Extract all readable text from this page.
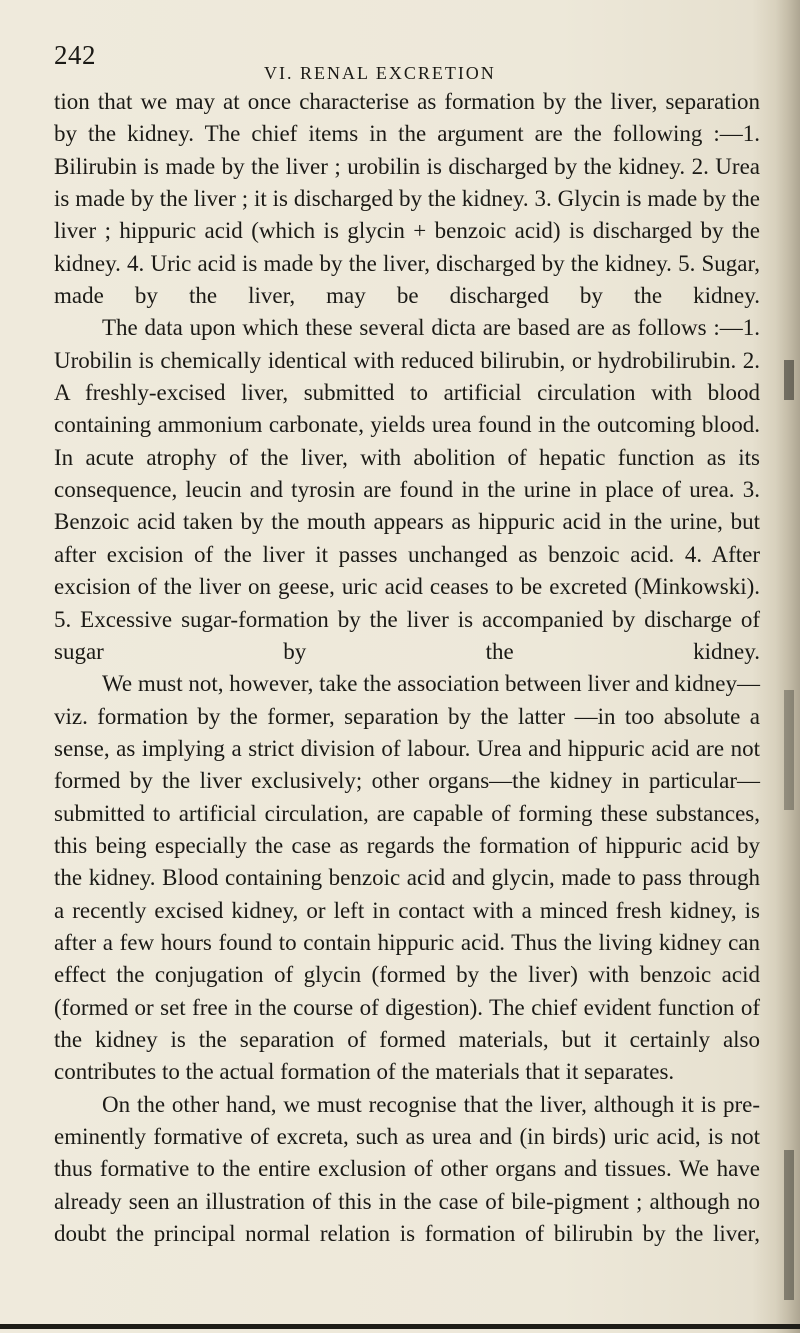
242
VI. RENAL EXCRETION

tion that we may at once characterise as formation by the liver, separation by the kidney. The chief items in the argument are the following :—1. Bilirubin is made by the liver ; urobilin is discharged by the kidney. 2. Urea is made by the liver ; it is discharged by the kidney. 3. Glycin is made by the liver ; hippuric acid (which is glycin + benzoic acid) is discharged by the kidney. 4. Uric acid is made by the liver, discharged by the kidney. 5. Sugar, made by the liver, may be discharged by the kidney.

The data upon which these several dicta are based are as follows :—1. Urobilin is chemically identical with reduced bilirubin, or hydrobilirubin. 2. A freshly-excised liver, submitted to artificial circulation with blood containing ammonium carbonate, yields urea found in the outcoming blood. In acute atrophy of the liver, with abolition of hepatic function as its consequence, leucin and tyrosin are found in the urine in place of urea. 3. Benzoic acid taken by the mouth appears as hippuric acid in the urine, but after excision of the liver it passes unchanged as benzoic acid. 4. After excision of the liver on geese, uric acid ceases to be excreted (Minkowski). 5. Excessive sugar-formation by the liver is accompanied by discharge of sugar by the kidney.

We must not, however, take the association between liver and kidney—viz. formation by the former, separation by the latter —in too absolute a sense, as implying a strict division of labour. Urea and hippuric acid are not formed by the liver exclusively; other organs—the kidney in particular—submitted to artificial circulation, are capable of forming these substances, this being especially the case as regards the formation of hippuric acid by the kidney. Blood containing benzoic acid and glycin, made to pass through a recently excised kidney, or left in contact with a minced fresh kidney, is after a few hours found to contain hippuric acid. Thus the living kidney can effect the conjugation of glycin (formed by the liver) with benzoic acid (formed or set free in the course of digestion). The chief evident function of the kidney is the separation of formed materials, but it certainly also contributes to the actual formation of the materials that it separates.

On the other hand, we must recognise that the liver, although it is pre-eminently formative of excreta, such as urea and (in birds) uric acid, is not thus formative to the entire exclusion of other organs and tissues. We have already seen an illustration of this in the case of bile-pigment ; although no doubt the principal normal relation is formation of bilirubin by the liver,
